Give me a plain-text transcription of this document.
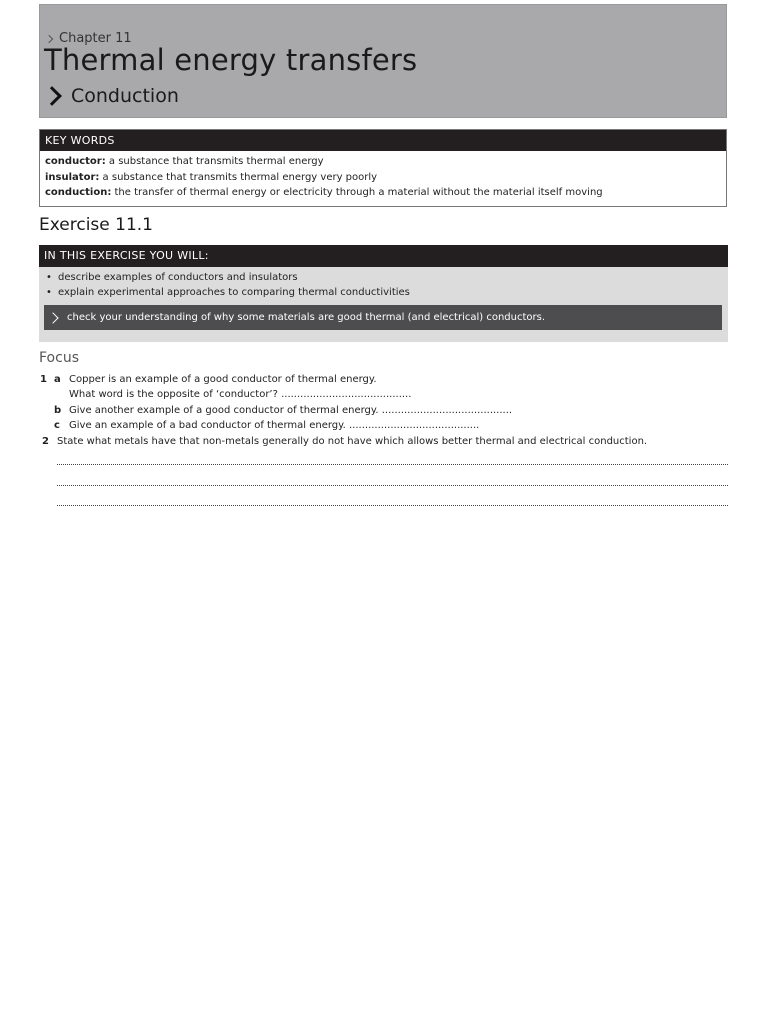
Chapter 11
Thermal energy transfers
Conduction
KEY WORDS
conductor: a substance that transmits thermal energy
insulator: a substance that transmits thermal energy very poorly
conduction: the transfer of thermal energy or electricity through a material without the material itself moving
Exercise 11.1
IN THIS EXERCISE YOU WILL:
• describe examples of conductors and insulators
• explain experimental approaches to comparing thermal conductivities
check your understanding of why some materials are good thermal (and electrical) conductors.
Focus
1 a Copper is an example of a good conductor of thermal energy.
What word is the opposite of ‘conductor’? .........................................
b Give another example of a good conductor of thermal energy. .........................................
c Give an example of a bad conductor of thermal energy. .........................................
2 State what metals have that non-metals generally do not have which allows better thermal and electrical conduction.
